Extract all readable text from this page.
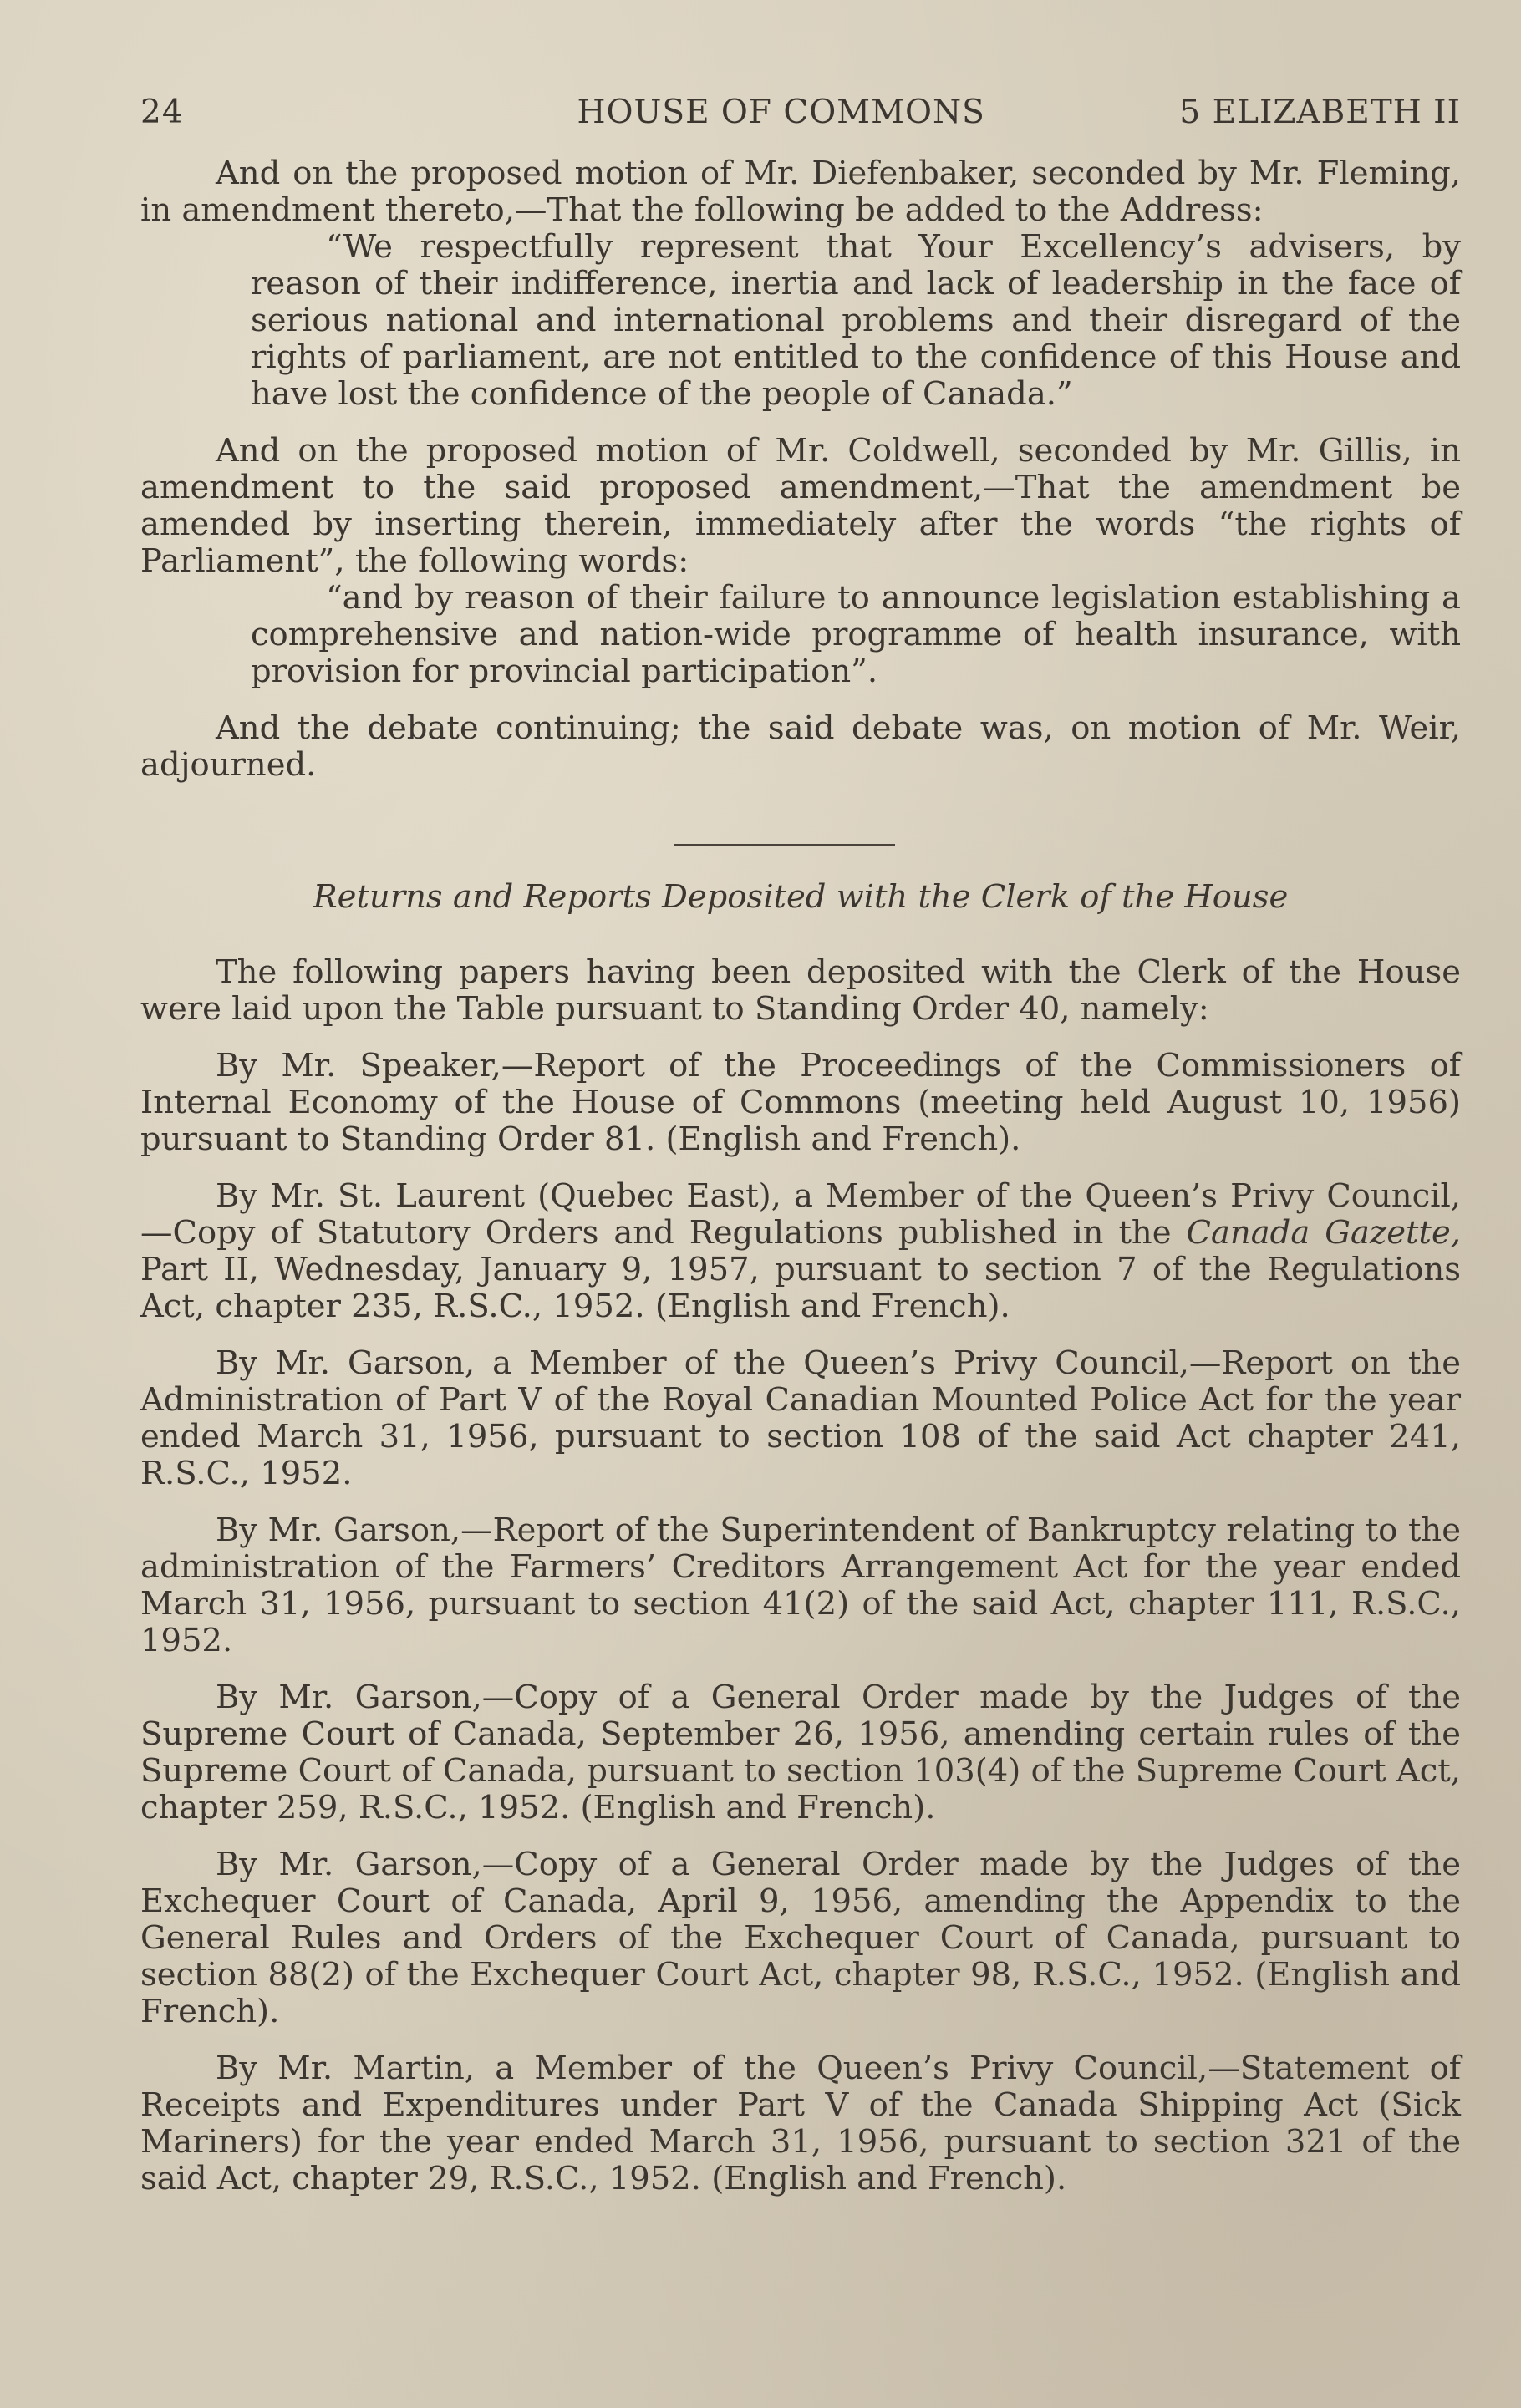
24	HOUSE OF COMMONS	5 ELIZABETH II

And on the proposed motion of Mr. Diefenbaker, seconded by Mr. Fleming, in amendment thereto,—That the following be added to the Address:

“We respectfully represent that Your Excellency’s advisers, by reason of their indifference, inertia and lack of leadership in the face of serious national and international problems and their disregard of the rights of parliament, are not entitled to the confidence of this House and have lost the confidence of the people of Canada.”

And on the proposed motion of Mr. Coldwell, seconded by Mr. Gillis, in amendment to the said proposed amendment,—That the amendment be amended by inserting therein, immediately after the words “the rights of Parliament”, the following words:

“and by reason of their failure to announce legislation establishing a comprehensive and nation-wide programme of health insurance, with provision for provincial participation”.

And the debate continuing; the said debate was, on motion of Mr. Weir, adjourned.

Returns and Reports Deposited with the Clerk of the House

The following papers having been deposited with the Clerk of the House were laid upon the Table pursuant to Standing Order 40, namely:

By Mr. Speaker,—Report of the Proceedings of the Commissioners of Internal Economy of the House of Commons (meeting held August 10, 1956) pursuant to Standing Order 81. (English and French).

By Mr. St. Laurent (Quebec East), a Member of the Queen’s Privy Council,—Copy of Statutory Orders and Regulations published in the Canada Gazette, Part II, Wednesday, January 9, 1957, pursuant to section 7 of the Regulations Act, chapter 235, R.S.C., 1952. (English and French).

By Mr. Garson, a Member of the Queen’s Privy Council,—Report on the Administration of Part V of the Royal Canadian Mounted Police Act for the year ended March 31, 1956, pursuant to section 108 of the said Act chapter 241, R.S.C., 1952.

By Mr. Garson,—Report of the Superintendent of Bankruptcy relating to the administration of the Farmers’ Creditors Arrangement Act for the year ended March 31, 1956, pursuant to section 41(2) of the said Act, chapter 111, R.S.C., 1952.

By Mr. Garson,—Copy of a General Order made by the Judges of the Supreme Court of Canada, September 26, 1956, amending certain rules of the Supreme Court of Canada, pursuant to section 103(4) of the Supreme Court Act, chapter 259, R.S.C., 1952. (English and French).

By Mr. Garson,—Copy of a General Order made by the Judges of the Exchequer Court of Canada, April 9, 1956, amending the Appendix to the General Rules and Orders of the Exchequer Court of Canada, pursuant to section 88(2) of the Exchequer Court Act, chapter 98, R.S.C., 1952. (English and French).

By Mr. Martin, a Member of the Queen’s Privy Council,—Statement of Receipts and Expenditures under Part V of the Canada Shipping Act (Sick Mariners) for the year ended March 31, 1956, pursuant to section 321 of the said Act, chapter 29, R.S.C., 1952. (English and French).
